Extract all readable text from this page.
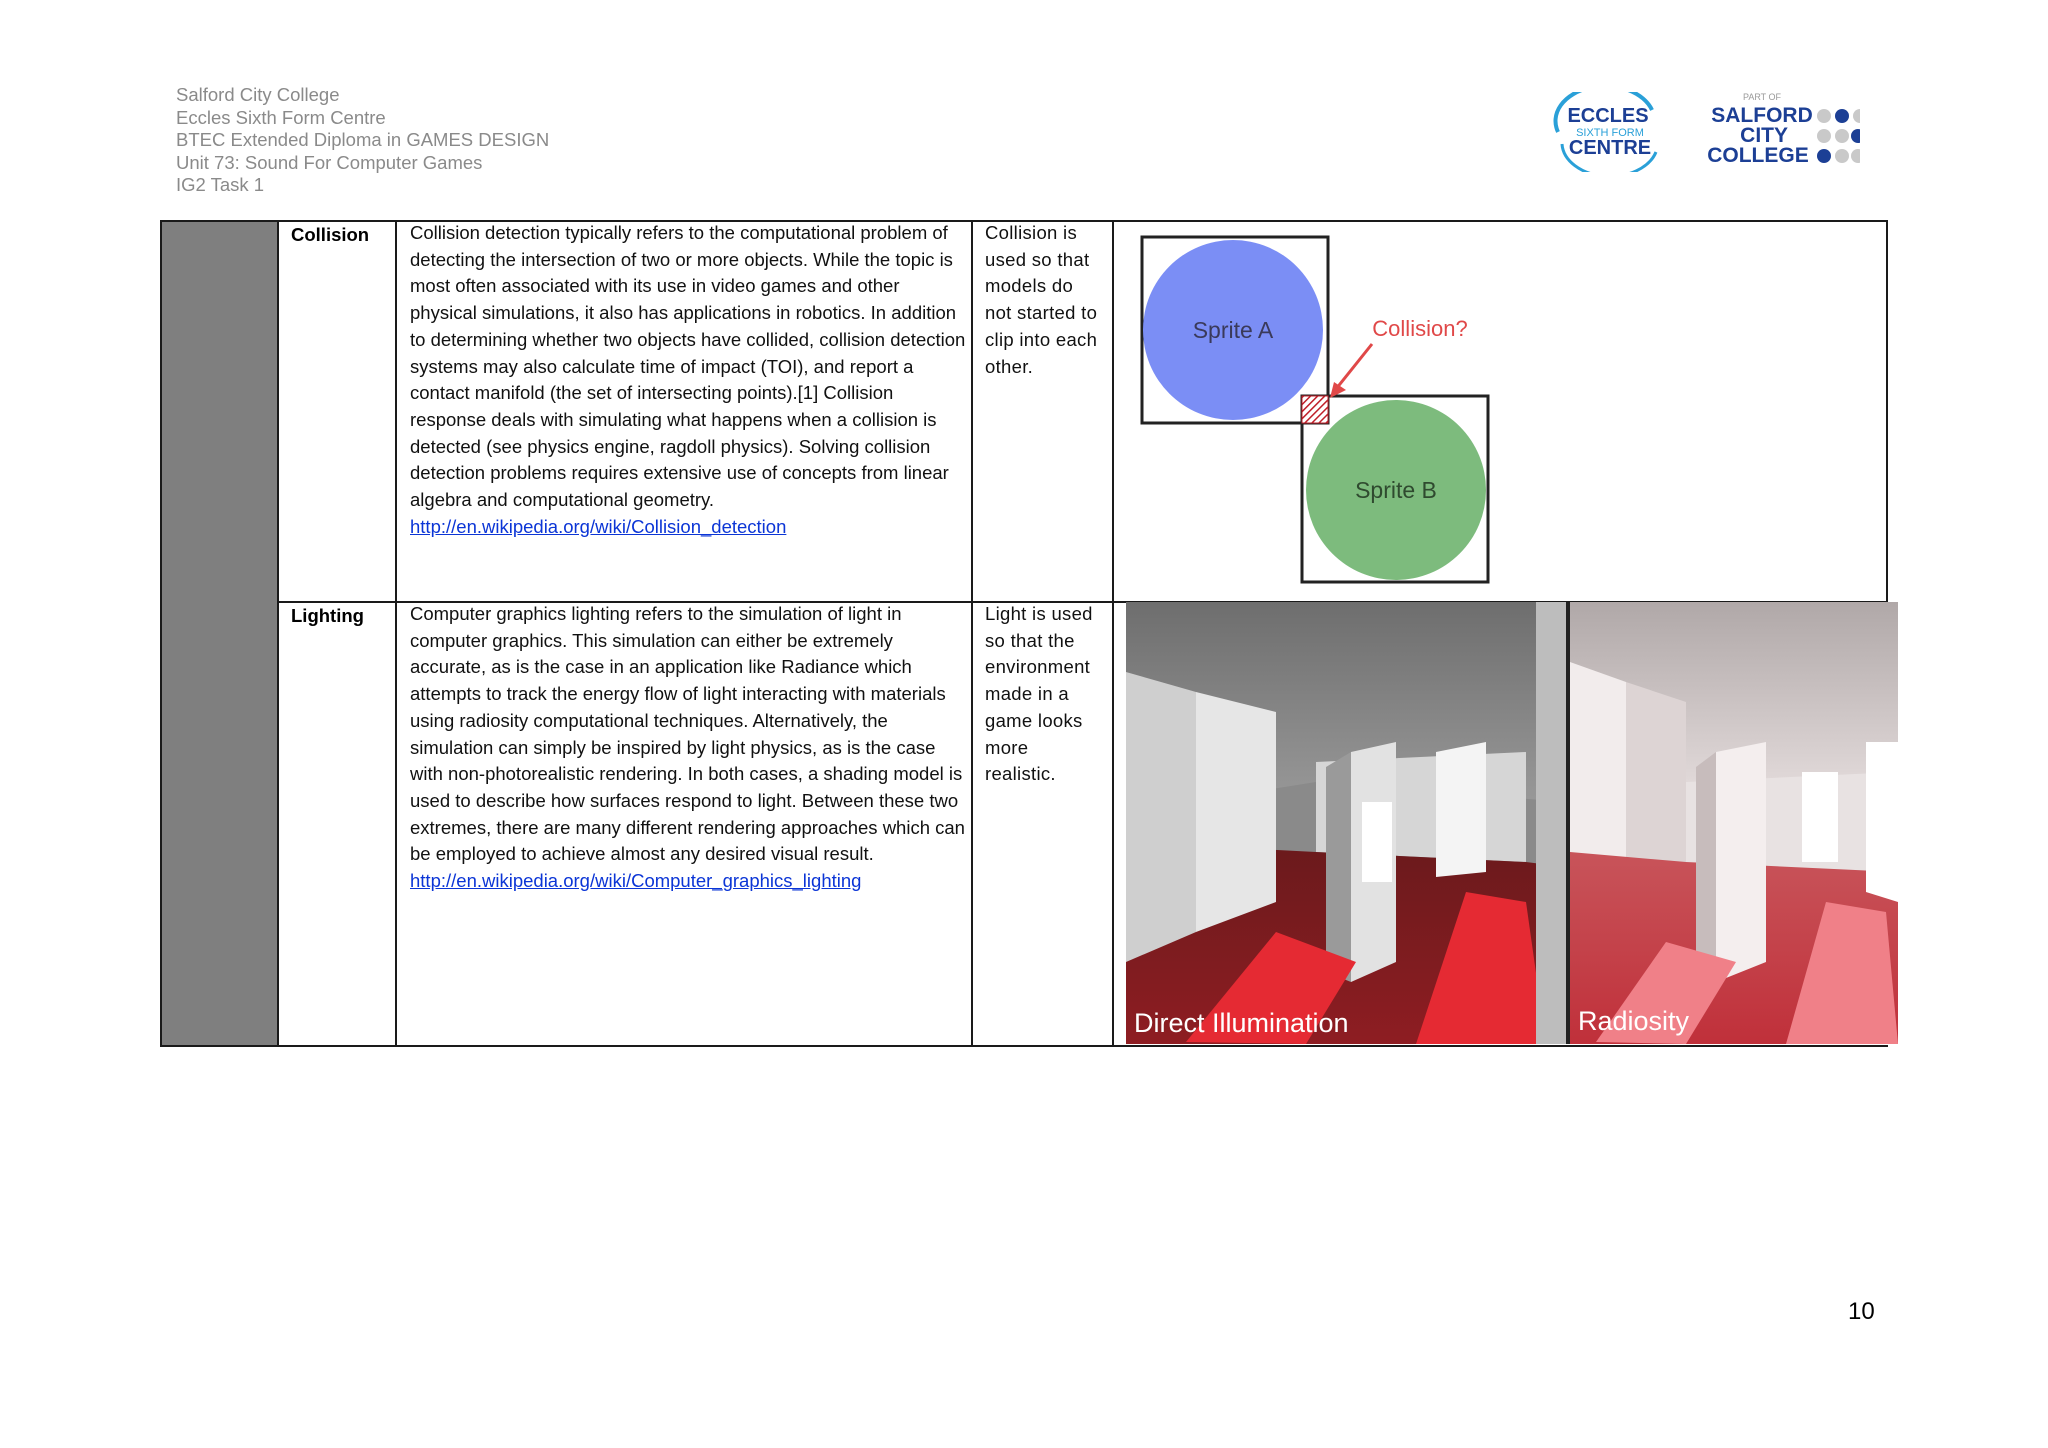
Salford City College
Eccles Sixth Form Centre
BTEC Extended Diploma in GAMES DESIGN
Unit 73: Sound For Computer Games
IG2 Task 1
ECCLES
SIXTH FORM
CENTRE
PART OF
SALFORD
CITY
COLLEGE
Collision Collision detection typically refers to the computational problem of detecting the intersection of two or more objects. While the topic is most often associated with its use in video games and other physical simulations, it also has applications in robotics. In addition to determining whether two objects have collided, collision detection systems may also calculate time of impact (TOI), and report a contact manifold (the set of intersecting points).[1] Collision response deals with simulating what happens when a collision is detected (see physics engine, ragdoll physics). Solving collision detection problems requires extensive use of concepts from linear algebra and computational geometry.
http://en.wikipedia.org/wiki/Collision_detection
Collision is used so that models do not started to clip into each other.
Sprite A
Sprite B
Collision?
Lighting Computer graphics lighting refers to the simulation of light in computer graphics. This simulation can either be extremely accurate, as is the case in an application like Radiance which attempts to track the energy flow of light interacting with materials using radiosity computational techniques. Alternatively, the simulation can simply be inspired by light physics, as is the case with non-photorealistic rendering. In both cases, a shading model is used to describe how surfaces respond to light. Between these two extremes, there are many different rendering approaches which can be employed to achieve almost any desired visual result.
http://en.wikipedia.org/wiki/Computer_graphics_lighting
Light is used so that the environment made in a game looks more realistic.
Direct Illumination	Radiosity
10
